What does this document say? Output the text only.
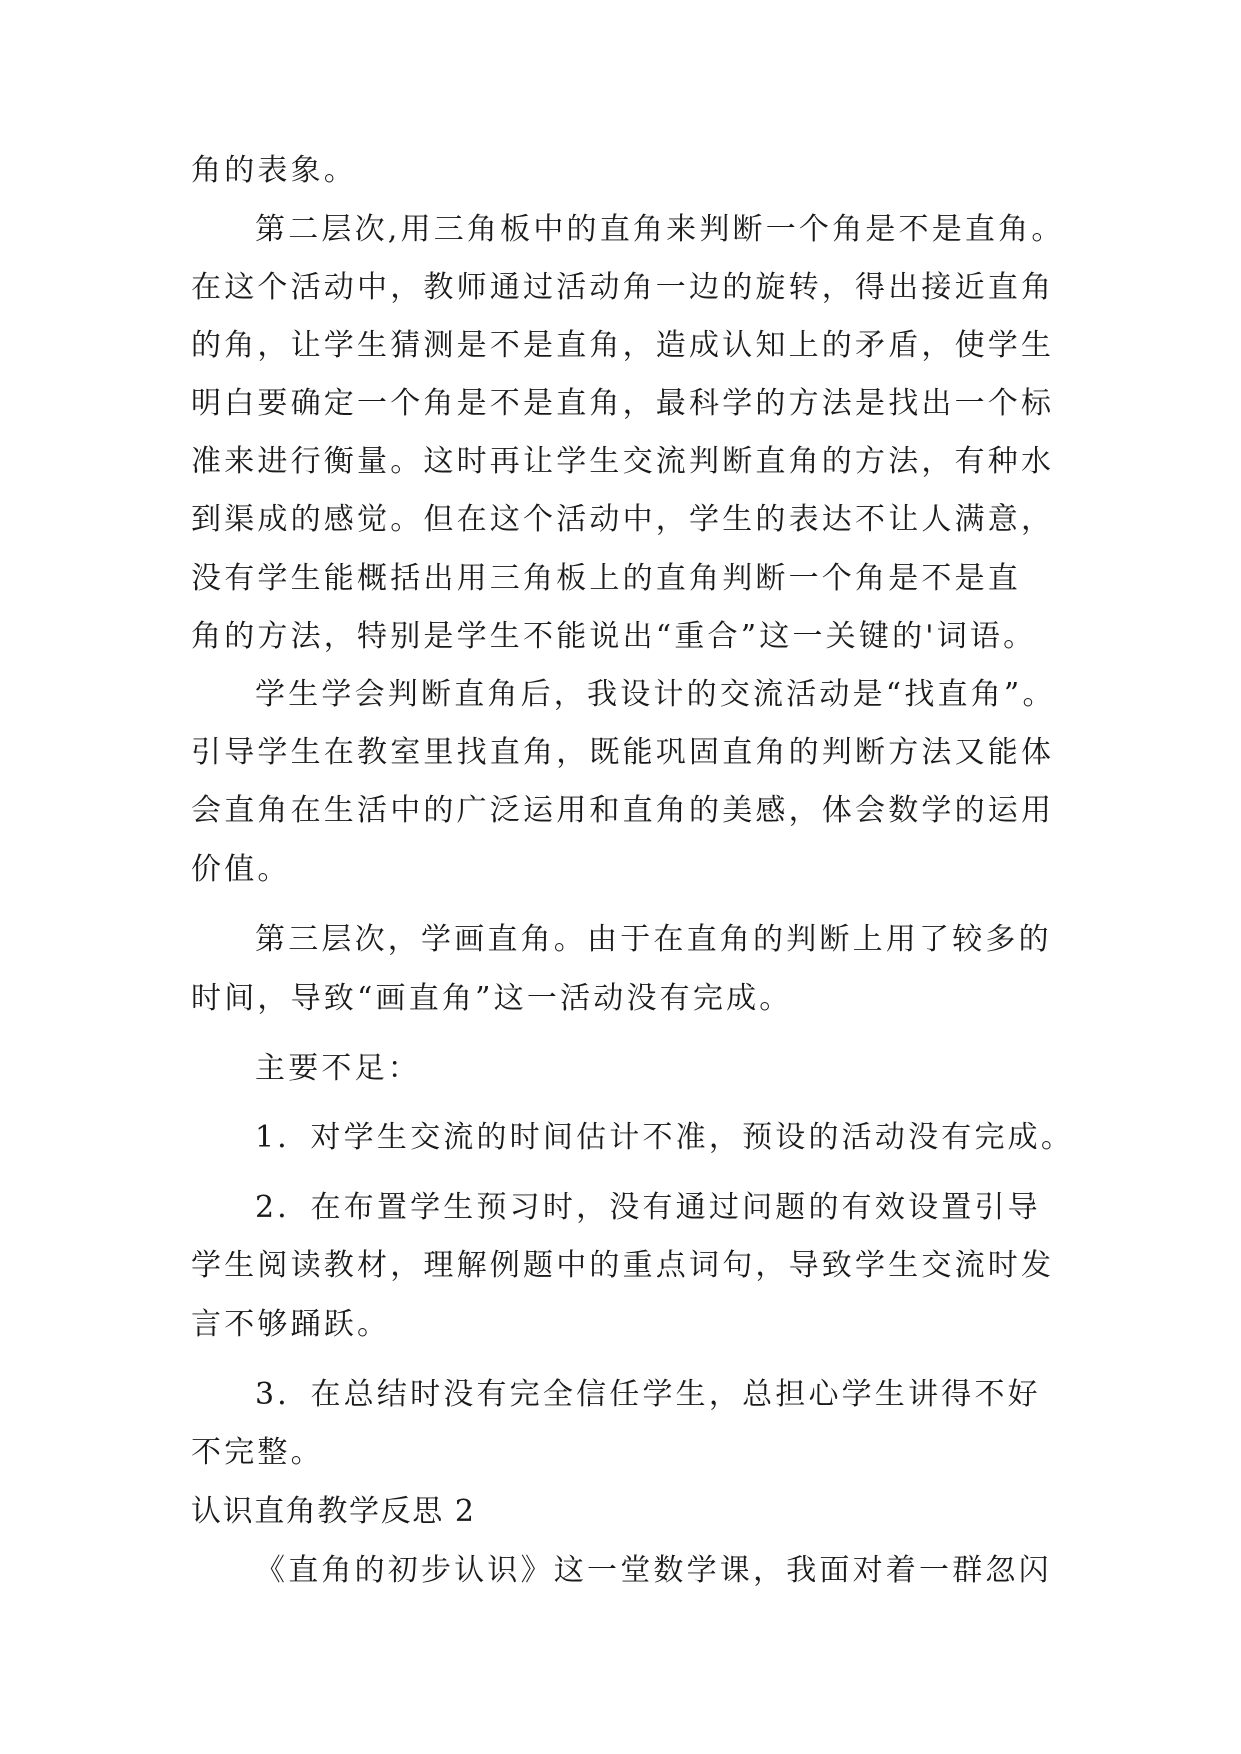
角的表象。
第二层次,用三角板中的直角来判断一个角是不是直角。
在这个活动中，教师通过活动角一边的旋转，得出接近直角
的角，让学生猜测是不是直角，造成认知上的矛盾，使学生
明白要确定一个角是不是直角，最科学的方法是找出一个标
准来进行衡量。这时再让学生交流判断直角的方法，有种水
到渠成的感觉。但在这个活动中，学生的表达不让人满意，
没有学生能概括出用三角板上的直角判断一个角是不是直
角的方法，特别是学生不能说出“重合”这一关键的'词语。
学生学会判断直角后，我设计的交流活动是“找直角”。
引导学生在教室里找直角，既能巩固直角的判断方法又能体
会直角在生活中的广泛运用和直角的美感，体会数学的运用
价值。
第三层次，学画直角。由于在直角的判断上用了较多的
时间，导致“画直角”这一活动没有完成。
主要不足：
1．对学生交流的时间估计不准，预设的活动没有完成。
2．在布置学生预习时，没有通过问题的有效设置引导
学生阅读教材，理解例题中的重点词句，导致学生交流时发
言不够踊跃。
3．在总结时没有完全信任学生，总担心学生讲得不好
不完整。
认识直角教学反思 2
《直角的初步认识》这一堂数学课，我面对着一群忽闪
